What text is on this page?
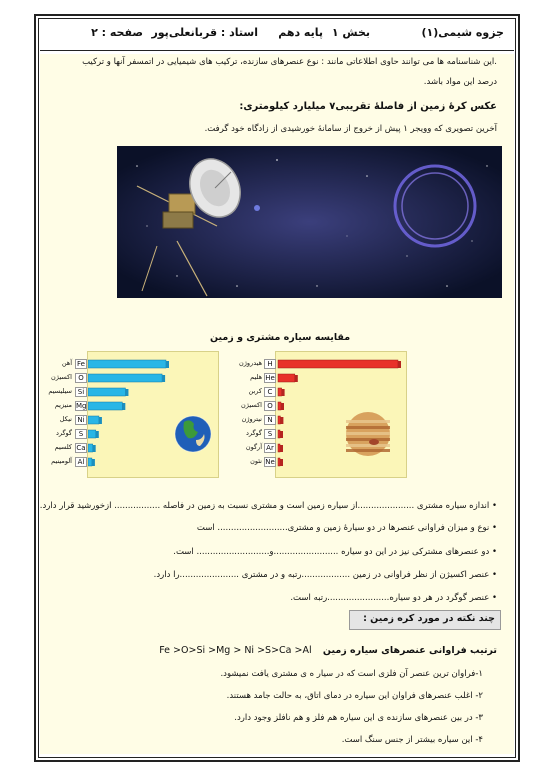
جزوه شیمی(۱)
بخش ۱
پایه دهم
استاد : قربانعلی‌پور
صفحه : ۲
.این شناسنامه ها می توانند حاوی اطلاعاتی مانند : نوع عنصرهای سازنده، ترکیب های شیمیایی در اتمسفر آنها و ترکیب
درصد این مواد باشد.
عکس کرهٔ زمین از فاصلهٔ تقریبی۷ میلیارد کیلومتری:
آخرین تصویری که وویجر ۱ پیش از خروج از سامانهٔ خورشیدی از زادگاه خود گرفت.
مقایسه سیاره مشتری و زمین
Fe
آهن
O
اکسیژن
Si
سیلیسیم
Mg
منیزیم
Ni
نیکل
S
گوگرد
Ca
کلسیم
Al
آلومینیم
H
هیدروژن
He
هلیم
C
کربن
O
اکسیژن
N
نیتروژن
S
گوگرد
Ar
آرگون
Ne
نئون
• اندازه سیاره مشتری .....................از سیاره زمین است و مشتری نسبت به زمین در فاصله ................. ازخورشید قرار دارد.
• نوع و میزان فراوانی عنصرها در دو سیارهٔ زمین و مشتری.......................... است
• دو عنصرهای مشترکی نیز در این دو سیاره ........................و........................... است.
• عنصر اکسیژن از نظر فراوانی در زمین ..................رتبه و در مشتری ......................را دارد.
• عنصر گوگرد در هر دو سیاره.......................رتبه است.
چند نکته در مورد کره زمین :
ترتیب فراوانی عنصرهای سیاره زمین Fe >O>Si >Mg > Ni >S>Ca >Al
۱-فراوان ترین عنصر آن فلزی است که در سیار ه ی مشتری یافت نمیشود.
۲- اغلب عنصرهای فراوان این سیاره در دمای اتاق، به حالت جامد هستند.
۳- در بین عنصرهای سازنده ی این سیاره هم فلز و هم نافلز وجود دارد.
۴- این سیاره بیشتر از جنس سنگ است.
